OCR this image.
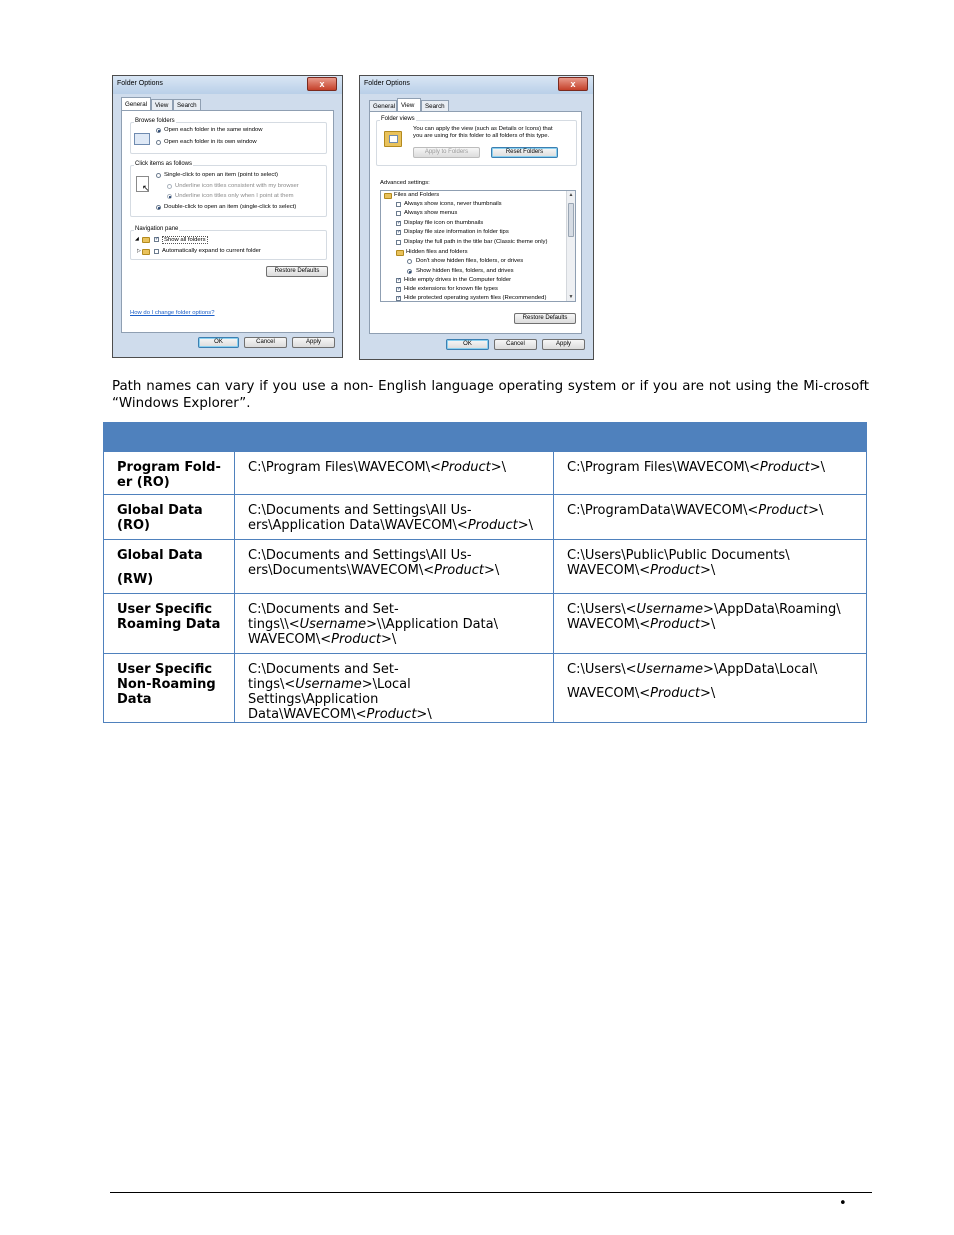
Folder Options	x
General	View	Search
Browse folders
Open each folder in the same window
Open each folder in its own window
Click items as follows
↖
Single-click to open an item (point to select)
Underline icon titles consistent with my browser
Underline icon titles only when I point at them
Double-click to open an item (single-click to select)
Navigation pane
◢	✓ Show all folders
▷	Automatically expand to current folder
Restore Defaults
How do I change folder options?
OK	Cancel	Apply
Folder Options	x
General View	Search
Folder views
You can apply the view (such as Details or Icons) that
you are using for this folder to all folders of this type.
Apply to Folders	Reset Folders
Advanced settings:
Files and Folders
Always show icons, never thumbnails
Always show menus
✓ Display file icon on thumbnails
✓ Display file size information in folder tips
Display the full path in the title bar (Classic theme only)
Hidden files and folders
Don't show hidden files, folders, or drives
Show hidden files, folders, and drives
✓ Hide empty drives in the Computer folder
✓ Hide extensions for known file types
✓ Hide protected operating system files (Recommended)
▲
▼
Restore Defaults
OK	Cancel	Apply
Path names can vary if you use a non- English language operating system or if you are not using the Mi-crosoft “Windows Explorer”.

Program Fold-
er (RO)	C:\Program Files\WAVECOM\<Product>\	C:\Program Files\WAVECOM\<Product>\

Global Data
(RO)	C:\Documents and Settings\All Us-
ers\Application Data\WAVECOM\<Product>\	C:\ProgramData\WAVECOM\<Product>\

Global Data
(RW)	C:\Documents and Settings\All Us-
ers\Documents\WAVECOM\<Product>\	C:\Users\Public\Public Documents\
WAVECOM\<Product>\

User Specific
Roaming Data	C:\Documents and Set-
tings\\<Username>\\Application Data\
WAVECOM\<Product>\	C:\Users\<Username>\AppData\Roaming\
WAVECOM\<Product>\

User Specific
Non-Roaming
Data	C:\Documents and Set-
tings\<Username>\Local Settings\Application
Data\WAVECOM\<Product>\	C:\Users\<Username>\AppData\Local\
WAVECOM\<Product>\
•
